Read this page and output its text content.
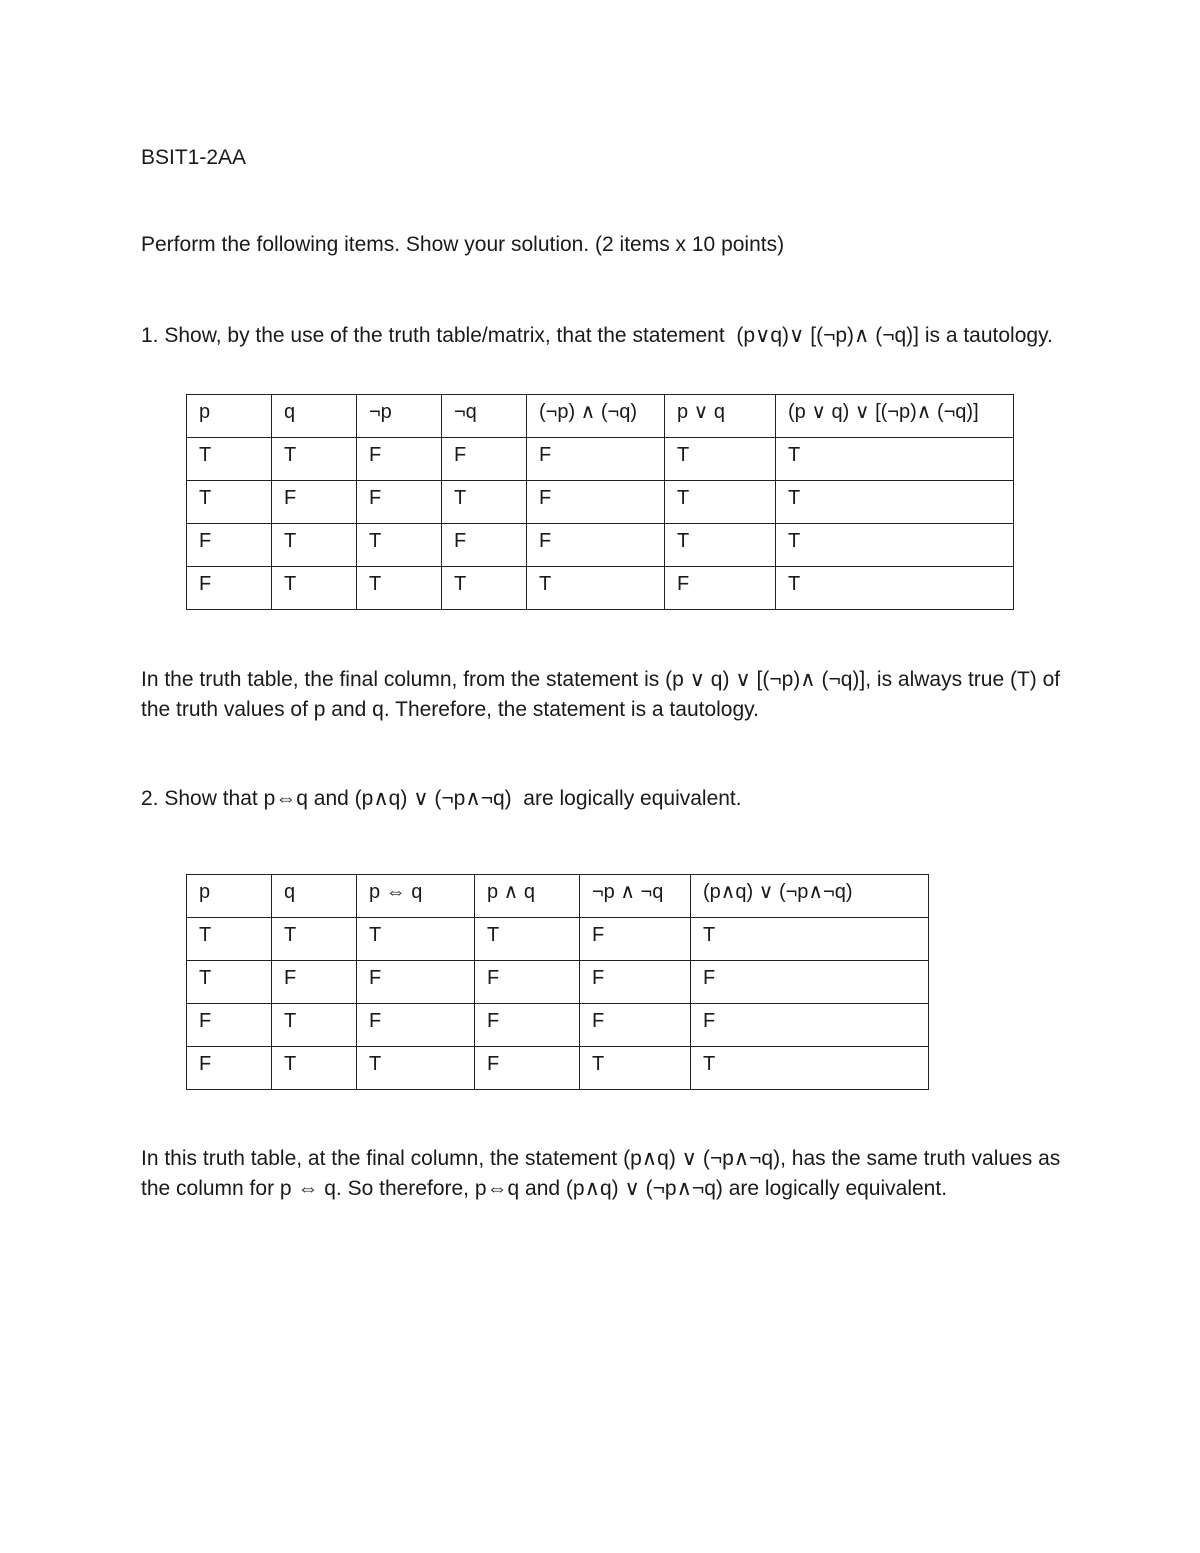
BSIT1-2AA

Perform the following items. Show your solution. (2 items x 10 points)

1. Show, by the use of the truth table/matrix, that the statement  (p∨q)∨ [(¬p)∧ (¬q)] is a tautology.

p	q	¬p	¬q	(¬p) ∧ (¬q)	p ∨ q	(p ∨ q) ∨ [(¬p)∧ (¬q)]
T	T	F	F	F	T	T
T	F	F	T	F	T	T
F	T	T	F	F	T	T
F	T	T	T	T	F	T

In the truth table, the final column, from the statement is (p ∨ q) ∨ [(¬p)∧ (¬q)], is always true (T) of the truth values of p and q. Therefore, the statement is a tautology.

2. Show that p⇔q and (p∧q) ∨ (¬p∧¬q)  are logically equivalent.

p	q	p ⇔ q	p ∧ q	¬p ∧ ¬q	(p∧q) ∨ (¬p∧¬q)
T	T	T	T	F	T
T	F	F	F	F	F
F	T	F	F	F	F
F	T	T	F	T	T

In this truth table, at the final column, the statement (p∧q) ∨ (¬p∧¬q), has the same truth values as the column for p ⇔ q. So therefore, p⇔q and (p∧q) ∨ (¬p∧¬q) are logically equivalent.
